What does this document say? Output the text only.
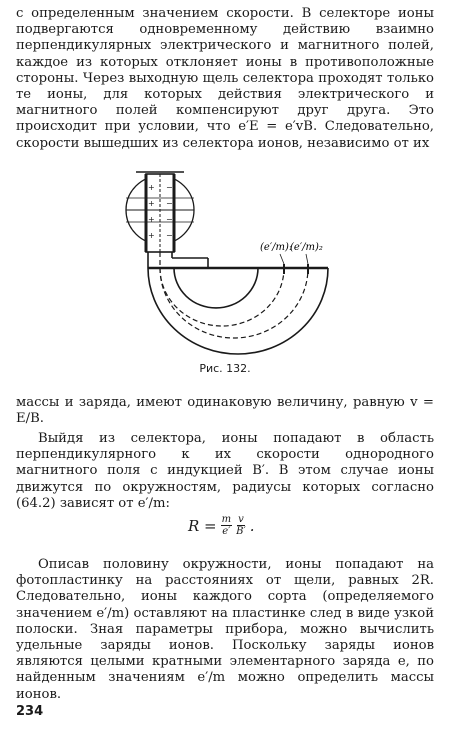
с определенным значением скорости. В селекторе ионы подвергаются одновременному действию взаимно перпендикулярных электрического и магнитного полей, каждое из которых отклоняет ионы в противоположные стороны. Через выходную щель селектора проходят только те ионы, для которых действия электрического и магнитного полей компенсируют друг друга. Это происходит при условии, что e′E = e′vB. Следовательно, скорости вышедших из селектора ионов, независимо от их

+ −
+ −
+ −
+ −
(e′/m)₁
(e′/m)₂
Рис. 132.

массы и заряда, имеют одинаковую величину, равную v = E/B.

Выйдя из селектора, ионы попадают в область перпендикулярного к их скорости однородного магнитного поля с индукцией B′. В этом случае ионы движутся по окружностям, радиусы которых согласно (64.2) зависят от e′/m:

$R = \frac{m}{e'} \frac{v}{B'}$ .

Описав половину окружности, ионы попадают на фотопластинку на расстояниях от щели, равных 2R. Следовательно, ионы каждого сорта (определяемого значением e′/m) оставляют на пластинке след в виде узкой полоски. Зная параметры прибора, можно вычислить удельные заряды ионов. Поскольку заряды ионов являются целыми кратными элементарного заряда e, по найденным значениям e′/m можно определить массы ионов.

234
